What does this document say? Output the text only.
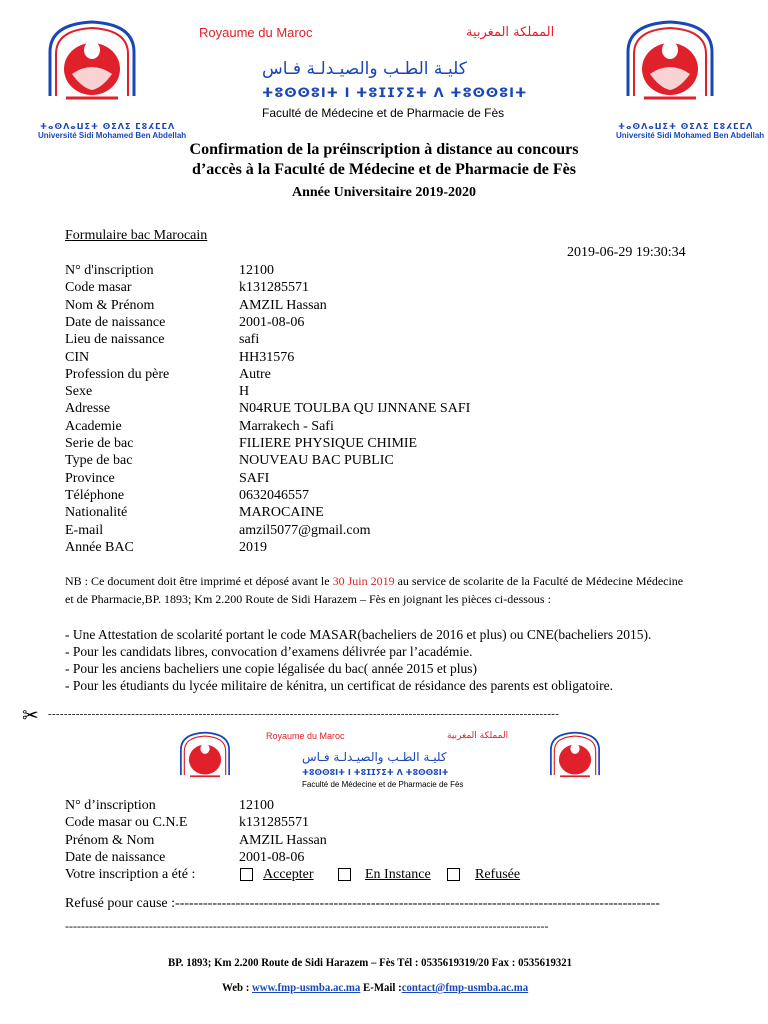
ⵜⴰⵙⴷⴰⵡⵉⵜ ⵙⵉⴷⵉ ⵎⵓⵃⵎⵎⴷ
Université Sidi Mohamed Ben Abdellah
Royaume du Maroc	المملكة المغربية
كليـة الطـب والصيـدلـة فـاس
ⵜⵓⵙⵙⵓⵏⵜ ⵏ ⵜⵓⵊⵊⵢⵉⵜ ⴷ ⵜⵓⵙⵙⵓⵏⵜ
Faculté de Médecine et de Pharmacie de Fès
ⵜⴰⵙⴷⴰⵡⵉⵜ ⵙⵉⴷⵉ ⵎⵓⵃⵎⵎⴷ
Université Sidi Mohamed Ben Abdellah
Confirmation de la préinscription à distance au concours
d’accès à la Faculté de Médecine et de Pharmacie de Fès
Année Universitaire 2019-2020
Formulaire bac Marocain
2019-06-29 19:30:34
N° d'inscription	12100
Code masar	k131285571
Nom & Prénom	AMZIL Hassan
Date de naissance	2001-08-06
Lieu de naissance	safi
CIN	HH31576
Profession du père	Autre
Sexe	H
Adresse	N04RUE TOULBA QU IJNNANE SAFI
Academie	Marrakech - Safi
Serie de bac	FILIERE PHYSIQUE CHIMIE
Type de bac	NOUVEAU BAC PUBLIC
Province	SAFI
Téléphone	0632046557
Nationalité	MAROCAINE
E-mail	amzil5077@gmail.com
Année BAC	2019
NB : Ce document doit être imprimé et déposé avant le 30 Juin 2019 au service de scolarite de la Faculté de Médecine Médecine
et de Pharmacie,BP. 1893; Km 2.200 Route de Sidi Harazem – Fès en joignant les pièces ci-dessous :
- Une Attestation de scolarité portant le code MASAR(bacheliers de 2016 et plus) ou CNE(bacheliers 2015).
- Pour les candidats libres, convocation d’examens délivrée par l’académie.
- Pour les anciens bacheliers une copie légalisée du bac( année 2015 et plus)
- Pour les étudiants du lycée militaire de kénitra, un certificat de résidance des parents est obligatoire.
✂ ---------------------------------------------------------------------------------------------------------------------------------
Royaume du Maroc	المملكة المغربية
كليـة الطـب والصيـدلـة فـاس
ⵜⵓⵙⵙⵓⵏⵜ ⵏ ⵜⵓⵊⵊⵢⵉⵜ ⴷ ⵜⵓⵙⵙⵓⵏⵜ
Faculté de Médecine et de Pharmacie de Fès
N° d’inscription	12100
Code masar ou C.N.E	k131285571
Prénom & Nom	AMZIL Hassan
Date de naissance	2001-08-06
Votre inscription a été :	Accepter	En Instance	Refusée
Refusé pour cause :--------------------------------------------------------------------------------------------------------
-------------------------------------------------------------------------------------------------------------------------
BP. 1893; Km 2.200 Route de Sidi Harazem – Fès Tél : 0535619319/20 Fax : 0535619321
Web : www.fmp-usmba.ac.ma E-Mail :contact@fmp-usmba.ac.ma
